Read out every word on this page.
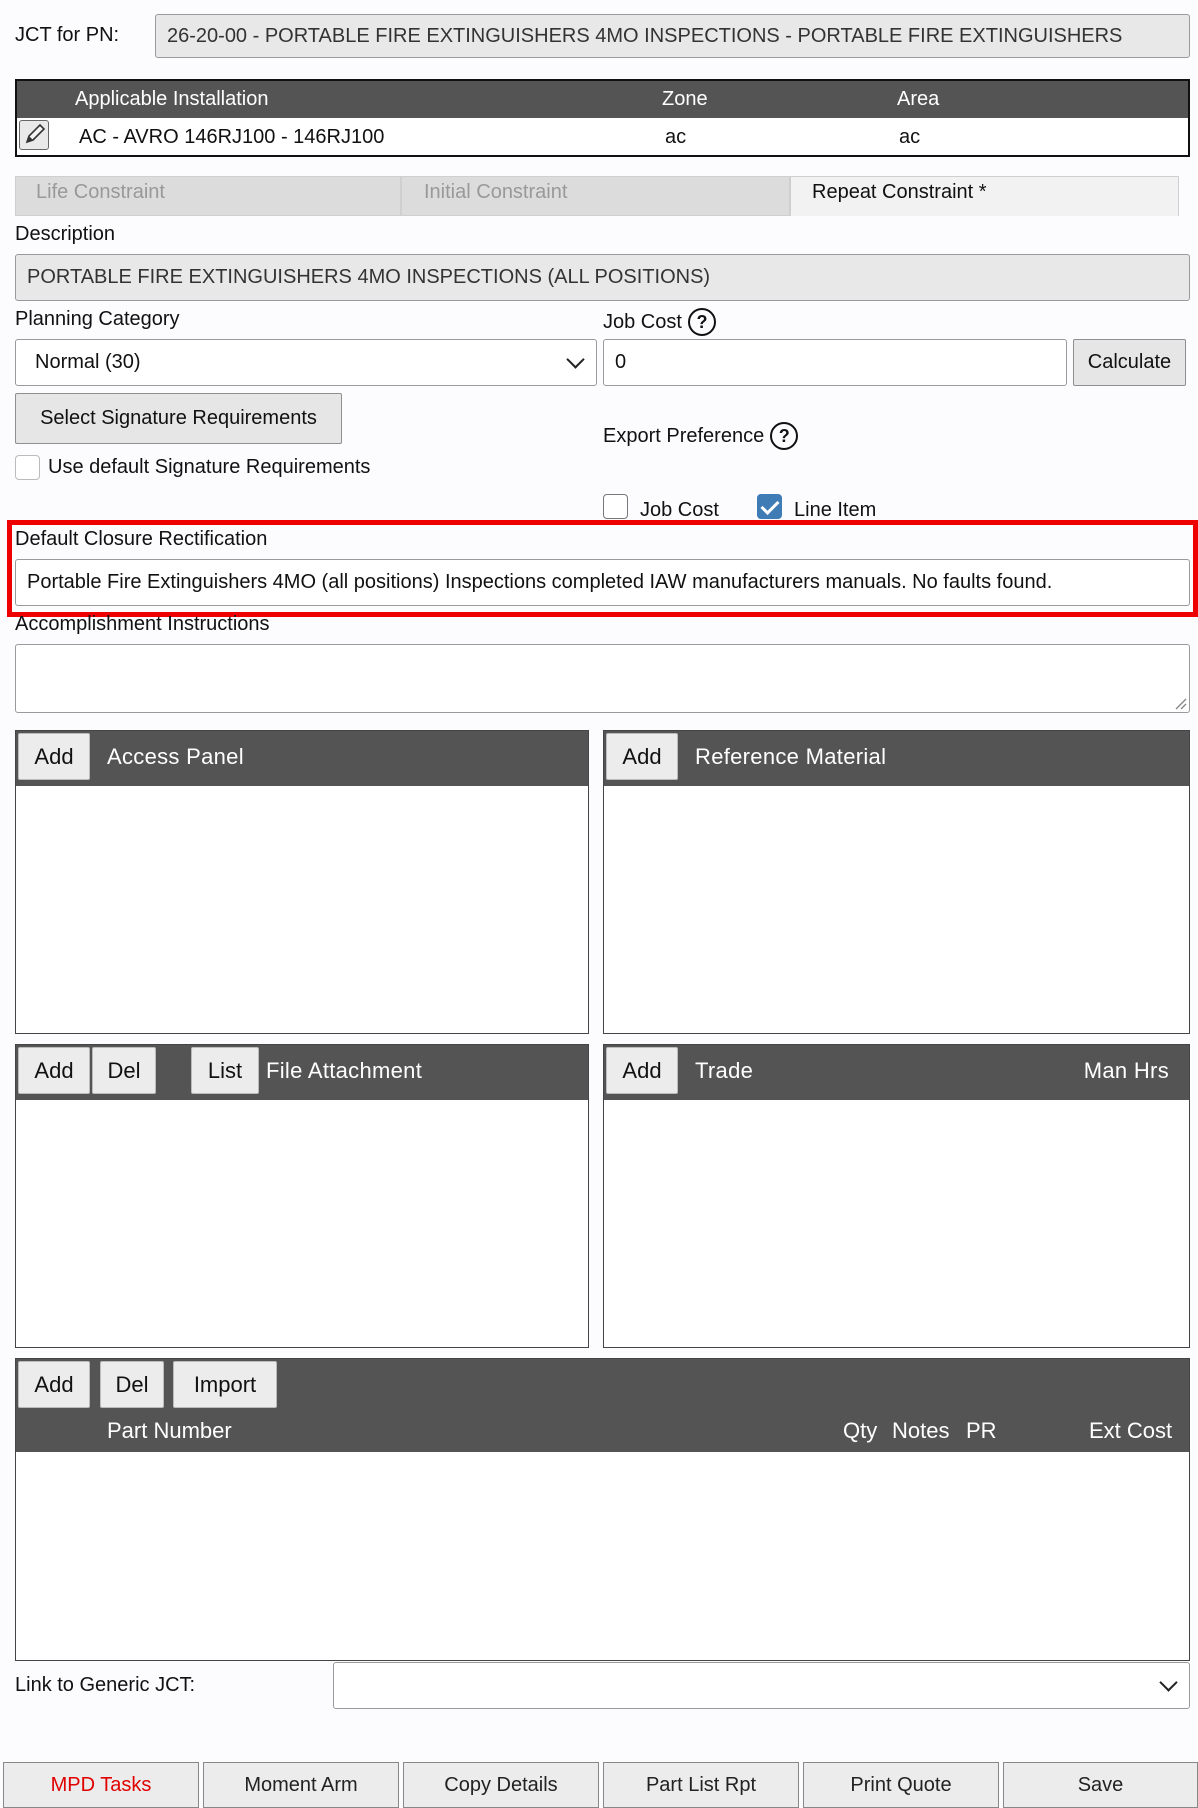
JCT for PN:	26-20-00 - PORTABLE FIRE EXTINGUISHERS 4MO INSPECTIONS - PORTABLE FIRE EXTINGUISHERS
Applicable Installation	Zone	Area
AC - AVRO 146RJ100 - 146RJ100	ac	ac
Life Constraint	Initial Constraint	Repeat Constraint *
Description
PORTABLE FIRE EXTINGUISHERS 4MO INSPECTIONS (ALL POSITIONS)
Planning Category
Normal (30)
Job Cost ?
0	Calculate
Select Signature Requirements
Use default Signature Requirements
Export Preference ?
Job Cost	Line Item
Default Closure Rectification
Portable Fire Extinguishers 4MO (all positions) Inspections completed IAW manufacturers manuals. No faults found.
Accomplishment Instructions
Add	Access Panel	Add	Reference Material
Add	Del	List	File Attachment	Add	Trade	Man Hrs
Add	Del	Import
Part Number	Qty Notes PR	Ext Cost
Link to Generic JCT:
MPD Tasks	Moment Arm	Copy Details	Part List Rpt	Print Quote	Save
